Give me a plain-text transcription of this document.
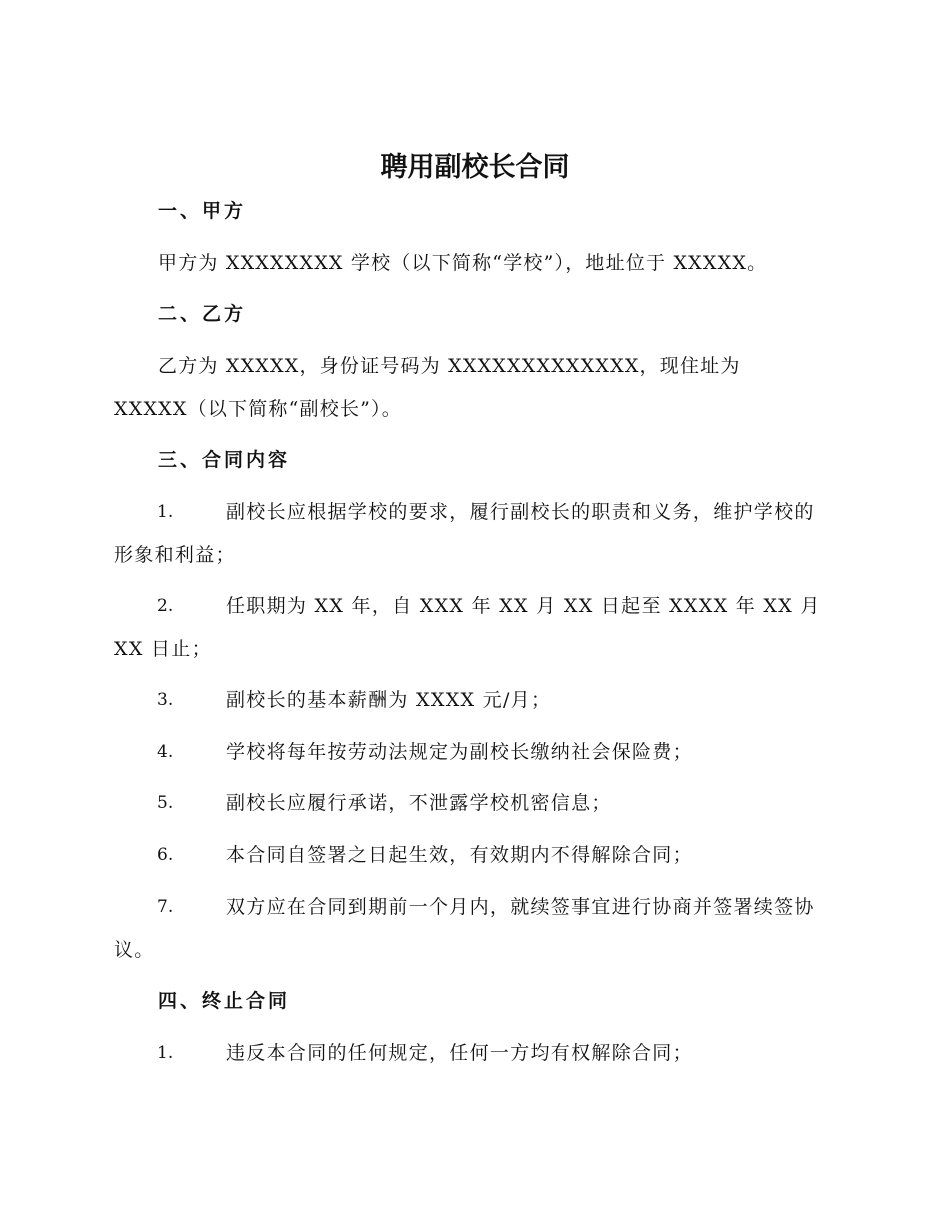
聘用副校长合同
一、甲方
甲方为 XXXXXXXX 学校（以下简称“学校”），地址位于 XXXXX。
二、乙方
乙方为 XXXXX，身份证号码为 XXXXXXXXXXXXX，现住址为
XXXXX（以下简称“副校长”）。
三、合同内容
1.	副校长应根据学校的要求，履行副校长的职责和义务，维护学校的形象和利益；
2.	任职期为 XX 年，自 XXX 年 XX 月 XX 日起至 XXXX 年 XX 月 XX 日止；
3.	副校长的基本薪酬为 XXXX 元/月；
4.	学校将每年按劳动法规定为副校长缴纳社会保险费；
5.	副校长应履行承诺，不泄露学校机密信息；
6.	本合同自签署之日起生效，有效期内不得解除合同；
7.	双方应在合同到期前一个月内，就续签事宜进行协商并签署续签协议。
四、终止合同
1.	违反本合同的任何规定，任何一方均有权解除合同；
